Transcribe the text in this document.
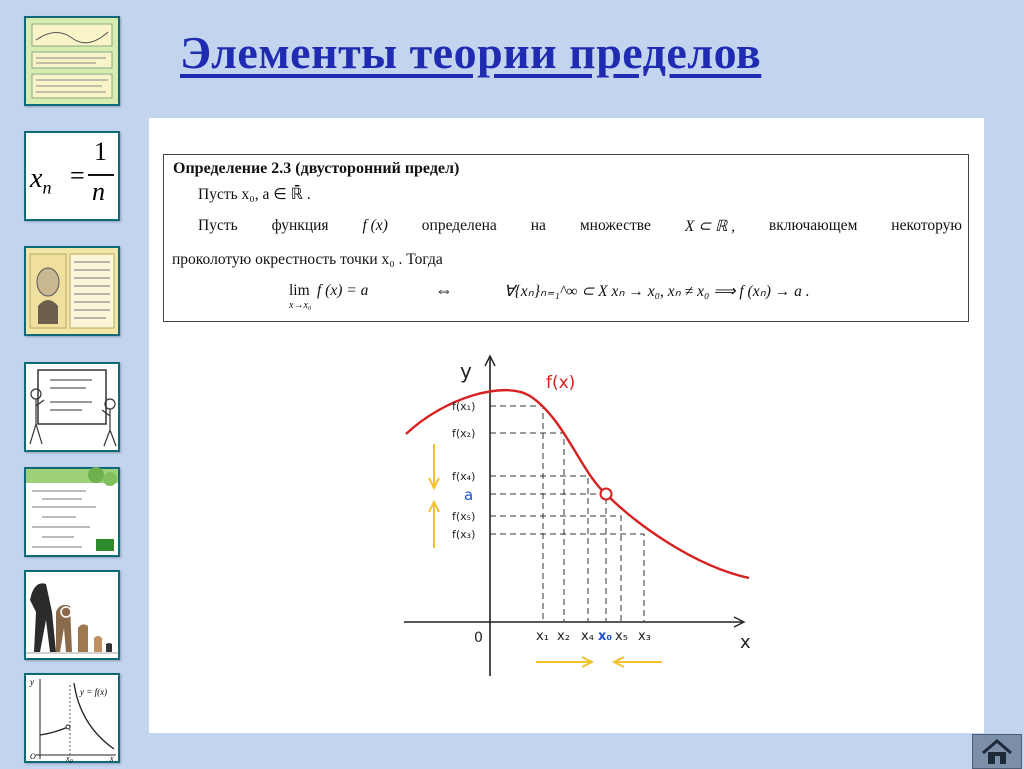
Элементы теории пределов
$x_n$ =
1
n
y
y = f(x)
O	$x_0$	x
Определение 2.3 (двусторонний предел)
Пусть x₀, a ∈ ℝ̄ .
Пусть функция f (x) определена на множестве X ⊂ ℝ , включающем некоторую
проколотую окрестность точки x₀ . Тогда
lim
x→x₀
f (x) = a	⇔	∀{xₙ}ₙ₌₁^∞ ⊂ X xₙ → x₀, xₙ ≠ x₀ ⟹ f (xₙ) → a .
y
x
0
f(x)
f(x₁)
f(x₂)
f(x₄)
a
f(x₅)
f(x₃)
x₁ x₂ x₄ x₀ x₅ x₃
